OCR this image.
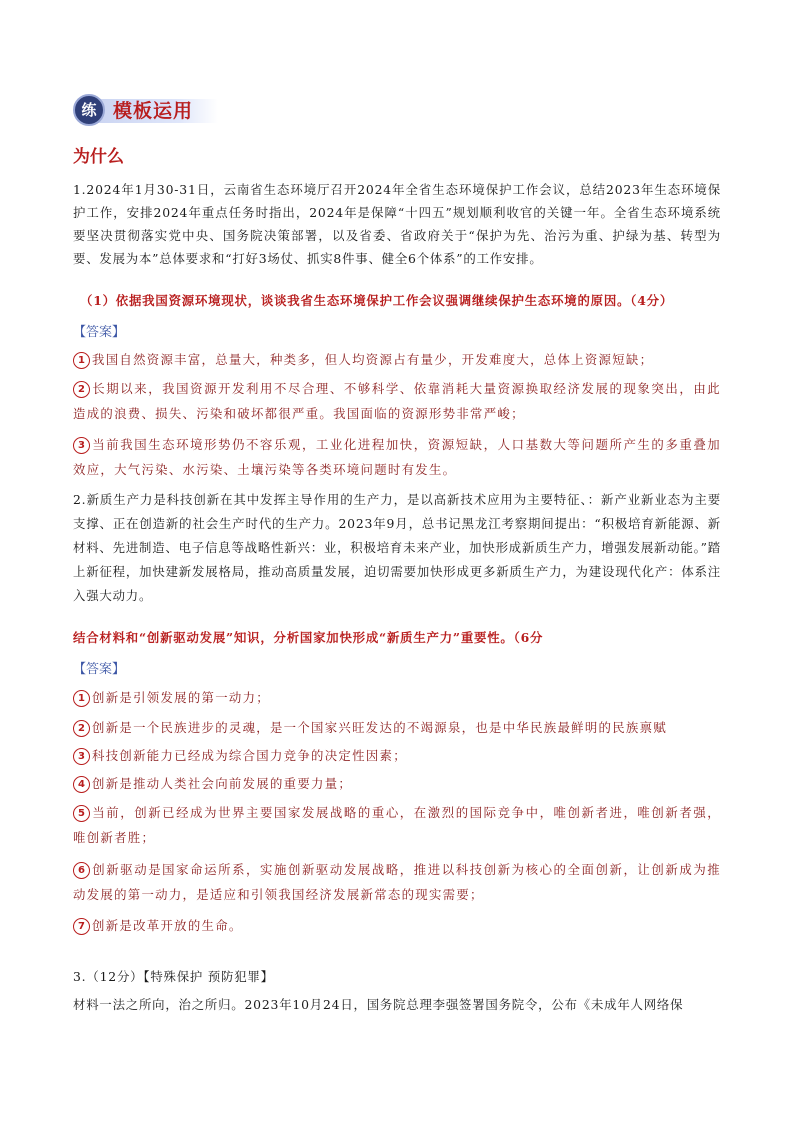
练 模板运用
为什么
1.2024年1月30-31日，云南省生态环境厅召开2024年全省生态环境保护工作会议，总结2023年生态环境保护工作，安排2024年重点任务时指出，2024年是保障“十四五”规划顺利收官的关键一年。全省生态环境系统要坚决贯彻落实党中央、国务院决策部署，以及省委、省政府关于“保护为先、治污为重、护绿为基、转型为要、发展为本”总体要求和“打好3场仗、抓实8件事、健全6个体系”的工作安排。
（1）依据我国资源环境现状，谈谈我省生态环境保护工作会议强调继续保护生态环境的原因。（4分）
【答案】
1 我国自然资源丰富，总量大，种类多，但人均资源占有量少，开发难度大，总体上资源短缺；
2 长期以来，我国资源开发利用不尽合理、不够科学、依靠消耗大量资源换取经济发展的现象突出，由此造成的浪费、损失、污染和破坏都很严重。我国面临的资源形势非常严峻；
3 当前我国生态环境形势仍不容乐观，工业化进程加快，资源短缺，人口基数大等问题所产生的多重叠加效应，大气污染、水污染、土壤污染等各类环境问题时有发生。
2.新质生产力是科技创新在其中发挥主导作用的生产力，是以高新技术应用为主要特征、：新产业新业态为主要支撑、正在创造新的社会生产时代的生产力。2023年9月，总书记黑龙江考察期间提出：“积极培育新能源、新材料、先进制造、电子信息等战略性新兴：业，积极培育未来产业，加快形成新质生产力，增强发展新动能。”踏上新征程，加快建新发展格局，推动高质量发展，迫切需要加快形成更多新质生产力，为建设现代化产：体系注入强大动力。
结合材料和“创新驱动发展”知识，分析国家加快形成“新质生产力”重要性。（6分
【答案】
1 创新是引领发展的第一动力；
2 创新是一个民族进步的灵魂，是一个国家兴旺发达的不竭源泉，也是中华民族最鲜明的民族禀赋
3 科技创新能力已经成为综合国力竞争的决定性因素；
4 创新是推动人类社会向前发展的重要力量；
5 当前，创新已经成为世界主要国家发展战略的重心，在激烈的国际竞争中，唯创新者进，唯创新者强，唯创新者胜；
6 创新驱动是国家命运所系，实施创新驱动发展战略，推进以科技创新为核心的全面创新，让创新成为推动发展的第一动力，是适应和引领我国经济发展新常态的现实需要；
7 创新是改革开放的生命。
3.（12分）【特殊保护 预防犯罪】
材料一法之所向，治之所归。2023年10月24日，国务院总理李强签署国务院令，公布《未成年人网络保
